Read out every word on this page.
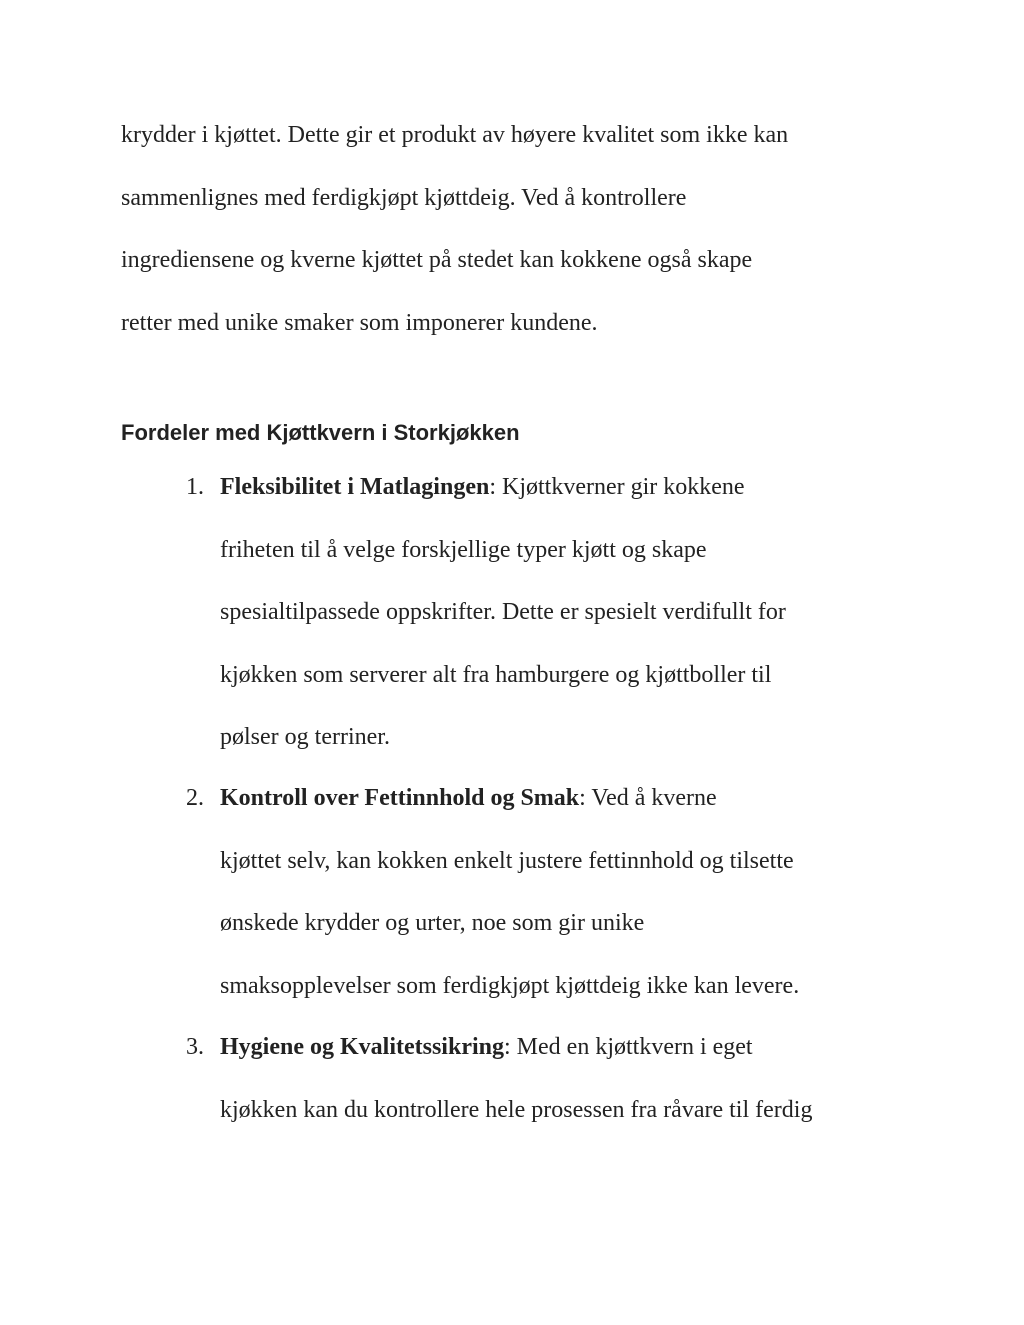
krydder i kjøttet. Dette gir et produkt av høyere kvalitet som ikke kan
sammenlignes med ferdigkjøpt kjøttdeig. Ved å kontrollere
ingrediensene og kverne kjøttet på stedet kan kokkene også skape
retter med unike smaker som imponerer kundene.

Fordeler med Kjøttkvern i Storkjøkken
1. Fleksibilitet i Matlagingen: Kjøttkverner gir kokkene
friheten til å velge forskjellige typer kjøtt og skape
spesialtilpassede oppskrifter. Dette er spesielt verdifullt for
kjøkken som serverer alt fra hamburgere og kjøttboller til
pølser og terriner.
2. Kontroll over Fettinnhold og Smak: Ved å kverne
kjøttet selv, kan kokken enkelt justere fettinnhold og tilsette
ønskede krydder og urter, noe som gir unike
smaksopplevelser som ferdigkjøpt kjøttdeig ikke kan levere.
3. Hygiene og Kvalitetssikring: Med en kjøttkvern i eget
kjøkken kan du kontrollere hele prosessen fra råvare til ferdig
